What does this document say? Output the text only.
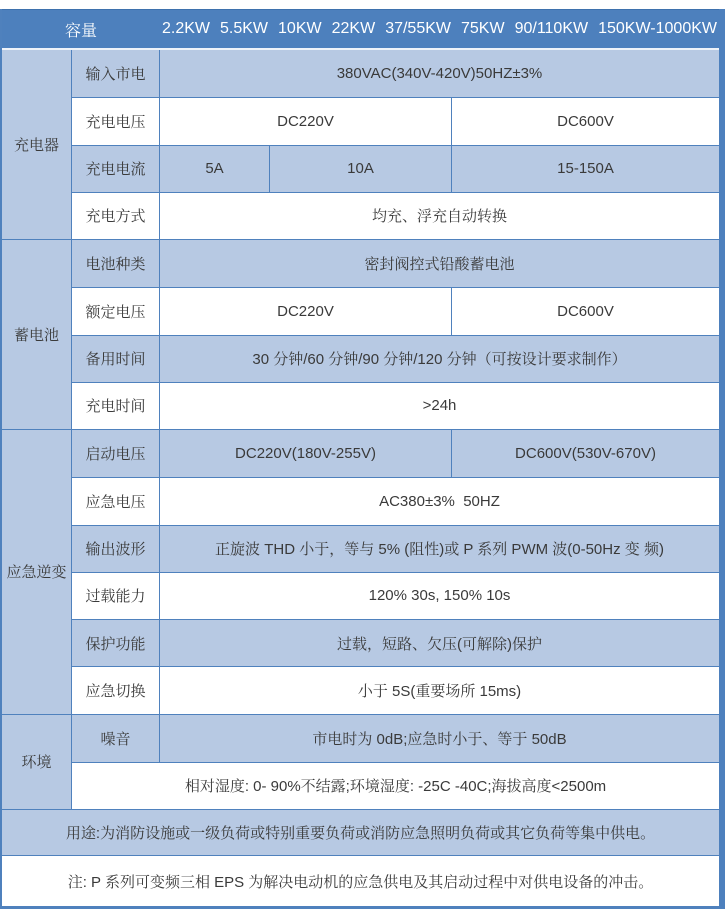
容量	2.2KW 5.5KW 10KW 22KW 37/55KW 75KW 90/110KW 150KW-1000KW
充电器
输入市电	380VAC(340V-420V)50HZ±3%
充电电压	DC220V	DC600V
充电电流	5A	10A	15-150A
充电方式	均充、浮充自动转换
蓄电池
电池种类	密封阀控式铅酸蓄电池
额定电压	DC220V	DC600V
备用时间	30 分钟/60 分钟/90 分钟/120 分钟（可按设计要求制作）
充电时间	>24h
应急逆变
启动电压	DC220V(180V-255V)	DC600V(530V-670V)
应急电压	AC380±3%  50HZ
输出波形	正旋波 THD 小于，等与 5% (阻性)或 P 系列 PWM 波(0-50Hz 变 频)
过载能力	120% 30s, 150% 10s
保护功能	过载，短路、欠压(可解除)保护
应急切换	小于 5S(重要场所 15ms)
环境
噪音	市电时为 0dB;应急时小于、等于 50dB
相对湿度: 0- 90%不结露;环境湿度: -25C -40C;海拔高度<2500m
用途:为消防设施或一级负荷或特别重要负荷或消防应急照明负荷或其它负荷等集中供电。
注: P 系列可变频三相 EPS 为解决电动机的应急供电及其启动过程中对供电设备的冲击。
